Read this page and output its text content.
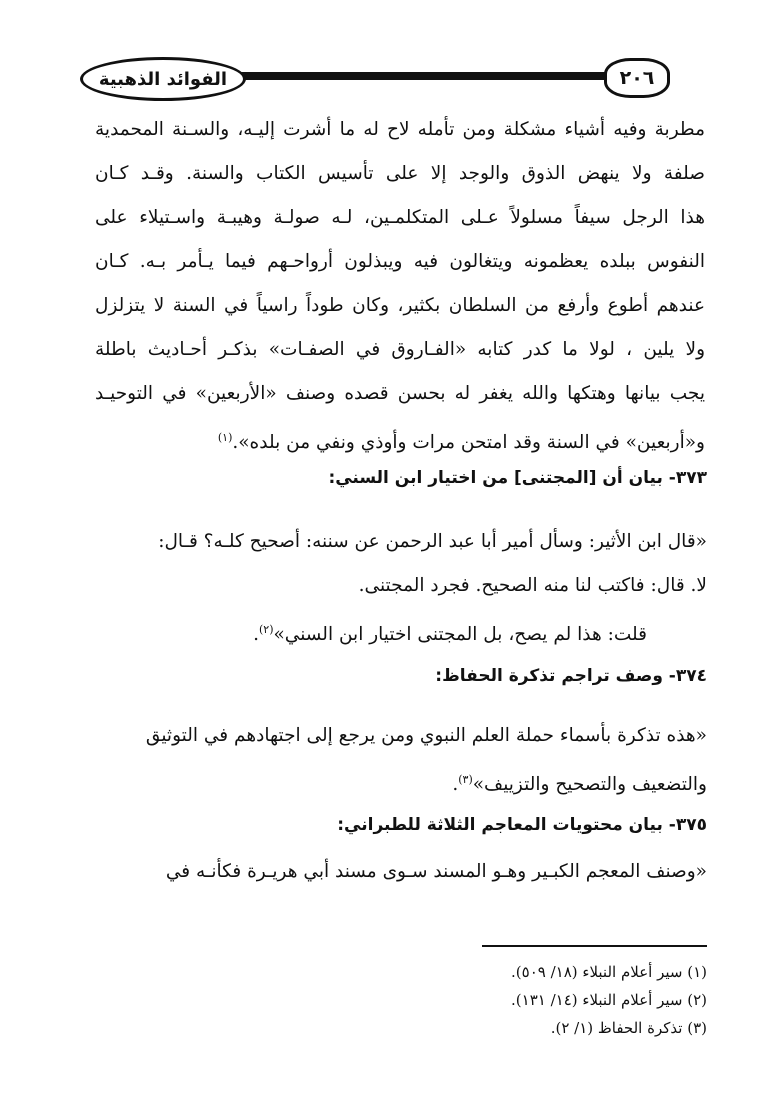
الفوائد الذهبية	٢٠٦
مطربة وفيه أشياء مشكلة ومن تأمله لاح له ما أشرت إليـه، والسـنة المحمدية
صلفة ولا ينهض الذوق والوجد إلا على تأسيس الكتاب والسنة. وقـد كـان
هذا الرجل سيفاً مسلولاً عـلى المتكلمـين، لـه صولـة وهيبـة واسـتيلاء على
النفوس ببلده يعظمونه ويتغالون فيه ويبذلون أرواحـهم فيما يـأمر بـه. كـان
عندهم أطوع وأرفع من السلطان بكثير، وكان طوداً راسياً في السنة لا يتزلزل
ولا يلين ، لولا ما كدر كتابه «الفـاروق في الصفـات» بذكـر أحـاديث باطلة
يجب بيانها وهتكها والله يغفر له بحسن قصده وصنف «الأربعين» في التوحيـد
و«أربعين» في السنة وقد امتحن مرات وأوذي ونفي من بلده».$^{(١)}$
٣٧٣- بيان أن [المجتنى] من اختيار ابن السني:
«قال ابن الأثير: وسأل أمير أبا عبد الرحمن عن سننه: أصحيح كلـه؟ قـال:
لا. قال: فاكتب لنا منه الصحيح. فجرد المجتنى.
قلت: هذا لم يصح، بل المجتنى اختيار ابن السني»$^{(٢)}$.
٣٧٤- وصف تراجم تذكرة الحفاظ:
«هذه تذكرة بأسماء حملة العلم النبوي ومن يرجع إلى اجتهادهم في التوثيق
والتضعيف والتصحيح والتزييف»$^{(٣)}$.
٣٧٥- بيان محتويات المعاجم الثلاثة للطبراني:
«وصنف المعجم الكبـير وهـو المسند سـوى مسند أبي هريـرة فكأنـه في
(١) سير أعلام النبلاء (١٨/ ٥٠٩).
(٢) سير أعلام النبلاء (١٤/ ١٣١).
(٣) تذكرة الحفاظ (١/ ٢).
